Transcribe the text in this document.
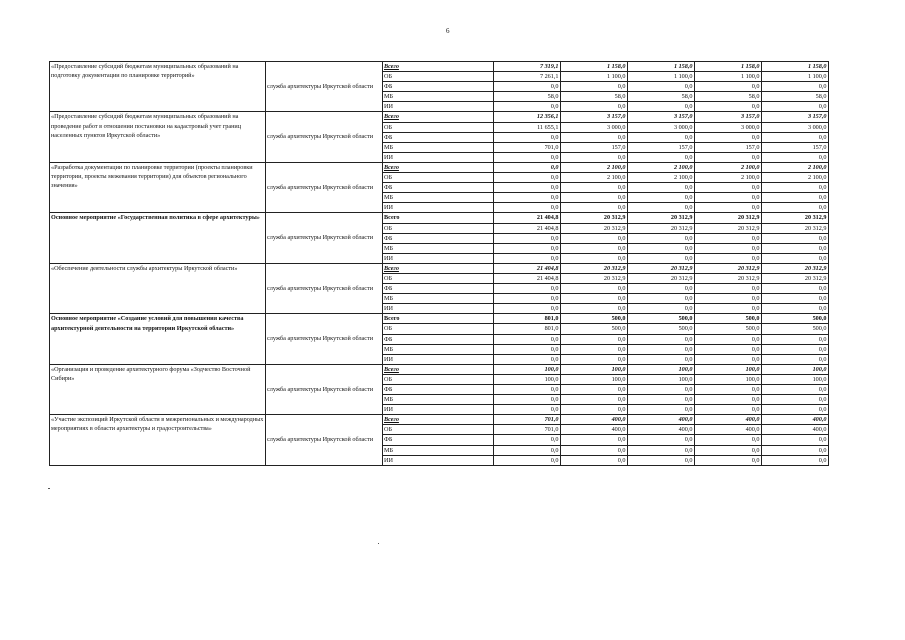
6
«Предоставление субсидий бюджетам муниципальных образований на подготовку документации по планировке территорий»	служба архитектуры Иркутской области	Всего	7 319,1	1 158,0	1 158,0	1 158,0	1 158,0
		ОБ	7 261,1	1 100,0	1 100,0	1 100,0	1 100,0
		ФБ	0,0	0,0	0,0	0,0	0,0
		МБ	58,0	58,0	58,0	58,0	58,0
		ИИ	0,0	0,0	0,0	0,0	0,0
«Предоставление субсидий бюджетам муниципальных образований на проведение работ в отношении постановки на кадастровый учет границ населенных пунктов Иркутской области»	служба архитектуры Иркутской области	Всего	12 356,1	3 157,0	3 157,0	3 157,0	3 157,0
		ОБ	11 655,1	3 000,0	3 000,0	3 000,0	3 000,0
		ФБ	0,0	0,0	0,0	0,0	0,0
		МБ	701,0	157,0	157,0	157,0	157,0
		ИИ	0,0	0,0	0,0	0,0	0,0
«Разработка документации по планировке территории (проекты планировки территории, проекты межевания территории) для объектов регионального значения»	служба архитектуры Иркутской области	Всего	0,0	2 100,0	2 100,0	2 100,0	2 100,0
		ОБ	0,0	2 100,0	2 100,0	2 100,0	2 100,0
		ФБ	0,0	0,0	0,0	0,0	0,0
		МБ	0,0	0,0	0,0	0,0	0,0
		ИИ	0,0	0,0	0,0	0,0	0,0
Основное мероприятие «Государственная политика в сфере архитектуры»	служба архитектуры Иркутской области	Всего	21 404,8	20 312,9	20 312,9	20 312,9	20 312,9
		ОБ	21 404,8	20 312,9	20 312,9	20 312,9	20 312,9
		ФБ	0,0	0,0	0,0	0,0	0,0
		МБ	0,0	0,0	0,0	0,0	0,0
		ИИ	0,0	0,0	0,0	0,0	0,0
«Обеспечение деятельности службы архитектуры Иркутской области»	служба архитектуры Иркутской области	Всего	21 404,8	20 312,9	20 312,9	20 312,9	20 312,9
		ОБ	21 404,8	20 312,9	20 312,9	20 312,9	20 312,9
		ФБ	0,0	0,0	0,0	0,0	0,0
		МБ	0,0	0,0	0,0	0,0	0,0
		ИИ	0,0	0,0	0,0	0,0	0,0
Основное мероприятие «Создание условий для повышения качества архитектурной деятельности на территории Иркутской области»	служба архитектуры Иркутской области	Всего	801,0	500,0	500,0	500,0	500,0
		ОБ	801,0	500,0	500,0	500,0	500,0
		ФБ	0,0	0,0	0,0	0,0	0,0
		МБ	0,0	0,0	0,0	0,0	0,0
		ИИ	0,0	0,0	0,0	0,0	0,0
«Организация и проведение архитектурного форума «Зодчество Восточной Сибири»	служба архитектуры Иркутской области	Всего	100,0	100,0	100,0	100,0	100,0
		ОБ	100,0	100,0	100,0	100,0	100,0
		ФБ	0,0	0,0	0,0	0,0	0,0
		МБ	0,0	0,0	0,0	0,0	0,0
		ИИ	0,0	0,0	0,0	0,0	0,0
«Участие экспозиций Иркутской области в межрегиональных и международных мероприятиях в области архитектуры и градостроительства»	служба архитектуры Иркутской области	Всего	701,0	400,0	400,0	400,0	400,0
		ОБ	701,0	400,0	400,0	400,0	400,0
		ФБ	0,0	0,0	0,0	0,0	0,0
		МБ	0,0	0,0	0,0	0,0	0,0
		ИИ	0,0	0,0	0,0	0,0	0,0
